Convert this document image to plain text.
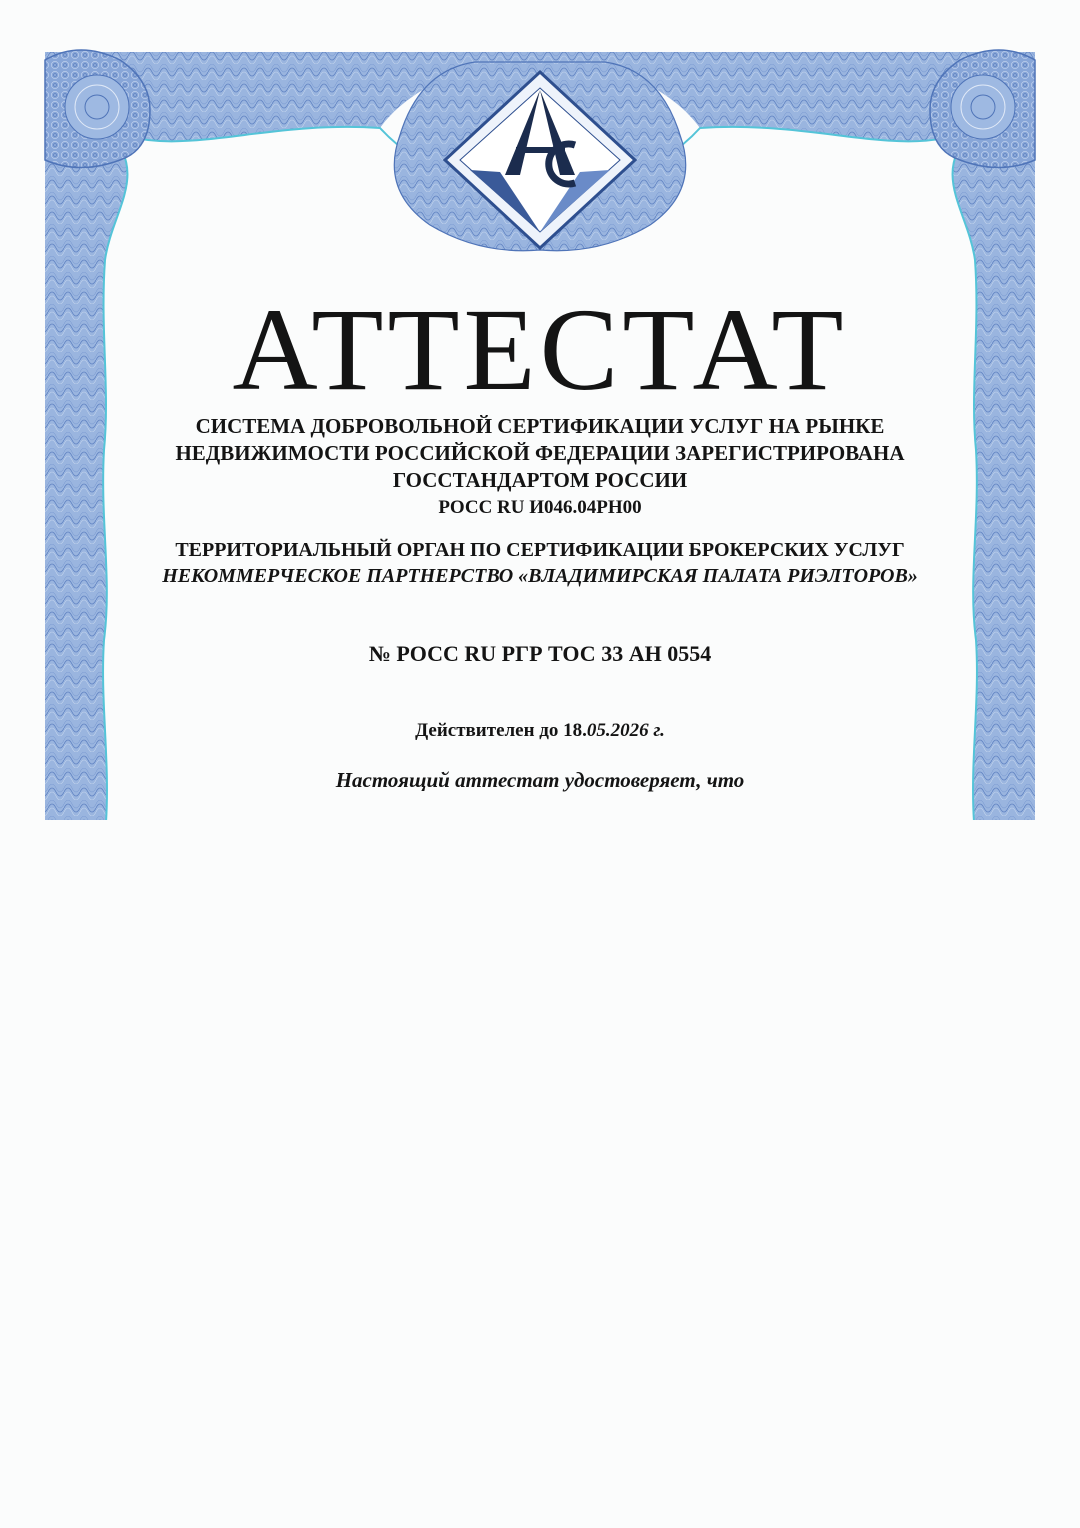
АТТЕСТАТ
СИСТЕМА ДОБРОВОЛЬНОЙ СЕРТИФИКАЦИИ УСЛУГ НА РЫНКЕ
НЕДВИЖИМОСТИ РОССИЙСКОЙ ФЕДЕРАЦИИ ЗАРЕГИСТРИРОВАНА
ГОССТАНДАРТОМ РОССИИ
РОСС RU И046.04РН00
ТЕРРИТОРИАЛЬНЫЙ ОРГАН ПО СЕРТИФИКАЦИИ БРОКЕРСКИХ УСЛУГ
НЕКОММЕРЧЕСКОЕ ПАРТНЕРСТВО «ВЛАДИМИРСКАЯ ПАЛАТА РИЭЛТОРОВ»
№ РОСС RU РГР ТОС 33 АН 0554
Действителен до 18.05.2026 г.
Настоящий аттестат удостоверяет, что
